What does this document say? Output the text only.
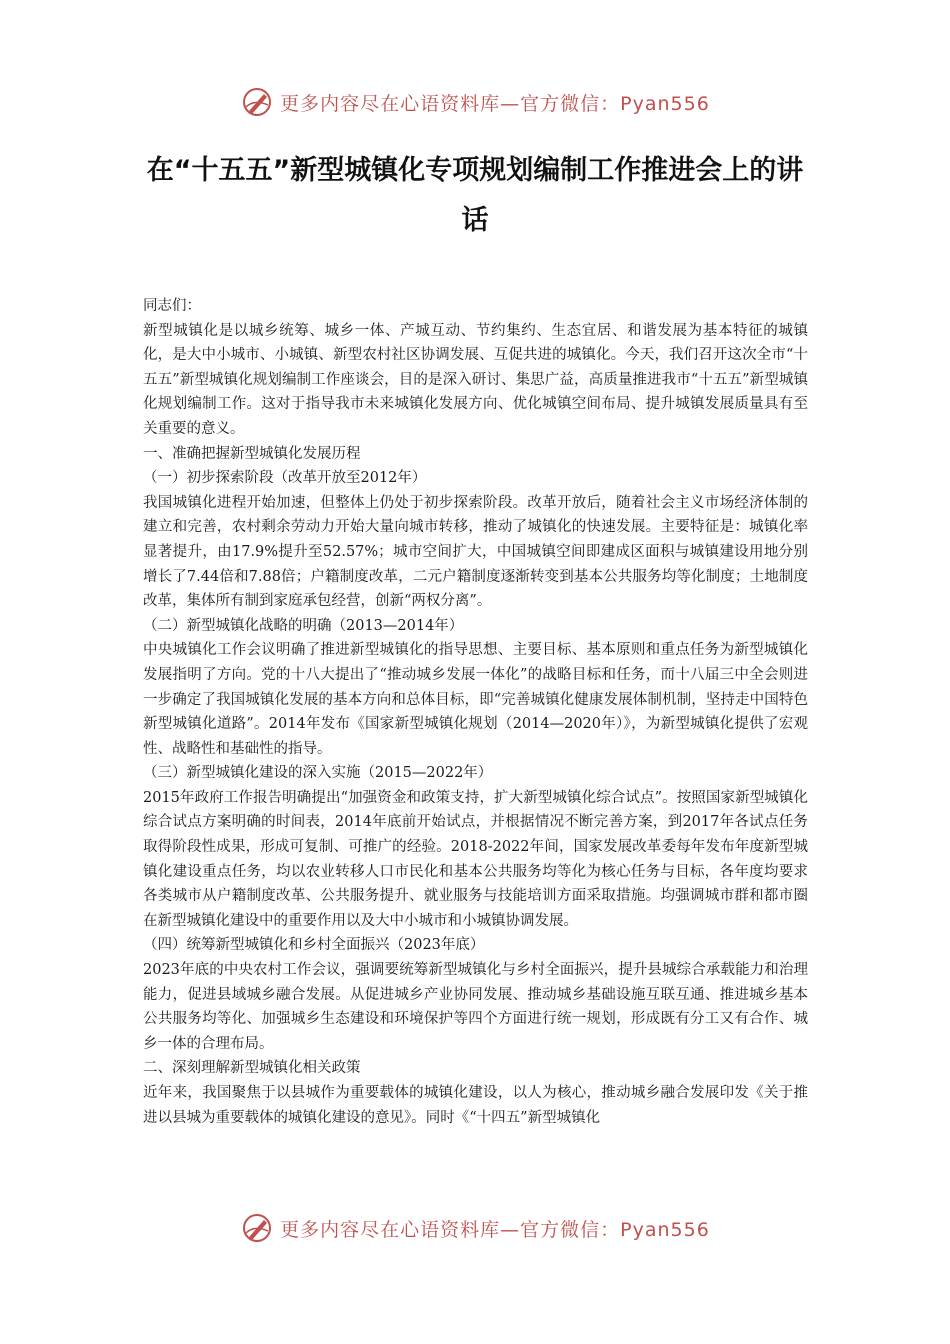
更多内容尽在心语资料库—官方微信：Pyan556
在“十五五”新型城镇化专项规划编制工作推进会上的讲话

同志们：

新型城镇化是以城乡统筹、城乡一体、产城互动、节约集约、生态宜居、和谐发展为基本特征的城镇化，是大中小城市、小城镇、新型农村社区协调发展、互促共进的城镇化。今天，我们召开这次全市“十五五”新型城镇化规划编制工作座谈会，目的是深入研讨、集思广益，高质量推进我市“十五五”新型城镇化规划编制工作。这对于指导我市未来城镇化发展方向、优化城镇空间布局、提升城镇发展质量具有至关重要的意义。

一、准确把握新型城镇化发展历程

（一）初步探索阶段（改革开放至2012年）

我国城镇化进程开始加速，但整体上仍处于初步探索阶段。改革开放后，随着社会主义市场经济体制的建立和完善，农村剩余劳动力开始大量向城市转移，推动了城镇化的快速发展。主要特征是：城镇化率显著提升，由17.9%提升至52.57%；城市空间扩大，中国城镇空间即建成区面积与城镇建设用地分别增长了7.44倍和7.88倍；户籍制度改革，二元户籍制度逐渐转变到基本公共服务均等化制度；土地制度改革，集体所有制到家庭承包经营，创新“两权分离”。

（二）新型城镇化战略的明确（2013—2014年）

中央城镇化工作会议明确了推进新型城镇化的指导思想、主要目标、基本原则和重点任务为新型城镇化发展指明了方向。党的十八大提出了“推动城乡发展一体化”的战略目标和任务，而十八届三中全会则进一步确定了我国城镇化发展的基本方向和总体目标，即“完善城镇化健康发展体制机制，坚持走中国特色新型城镇化道路”。2014年发布《国家新型城镇化规划（2014—2020年）》，为新型城镇化提供了宏观性、战略性和基础性的指导。

（三）新型城镇化建设的深入实施（2015—2022年）

2015年政府工作报告明确提出“加强资金和政策支持，扩大新型城镇化综合试点”。按照国家新型城镇化综合试点方案明确的时间表，2014年底前开始试点，并根据情况不断完善方案，到2017年各试点任务取得阶段性成果，形成可复制、可推广的经验。2018-2022年间，国家发展改革委每年发布年度新型城镇化建设重点任务，均以农业转移人口市民化和基本公共服务均等化为核心任务与目标，各年度均要求各类城市从户籍制度改革、公共服务提升、就业服务与技能培训方面采取措施。均强调城市群和都市圈在新型城镇化建设中的重要作用以及大中小城市和小城镇协调发展。

（四）统筹新型城镇化和乡村全面振兴（2023年底）

2023年底的中央农村工作会议，强调要统筹新型城镇化与乡村全面振兴，提升县城综合承载能力和治理能力，促进县域城乡融合发展。从促进城乡产业协同发展、推动城乡基础设施互联互通、推进城乡基本公共服务均等化、加强城乡生态建设和环境保护等四个方面进行统一规划，形成既有分工又有合作、城乡一体的合理布局。

二、深刻理解新型城镇化相关政策

近年来，我国聚焦于以县城作为重要载体的城镇化建设，以人为核心，推动城乡融合发展印发《关于推进以县城为重要载体的城镇化建设的意见》。同时《“十四五”新型城镇化

更多内容尽在心语资料库—官方微信：Pyan556
